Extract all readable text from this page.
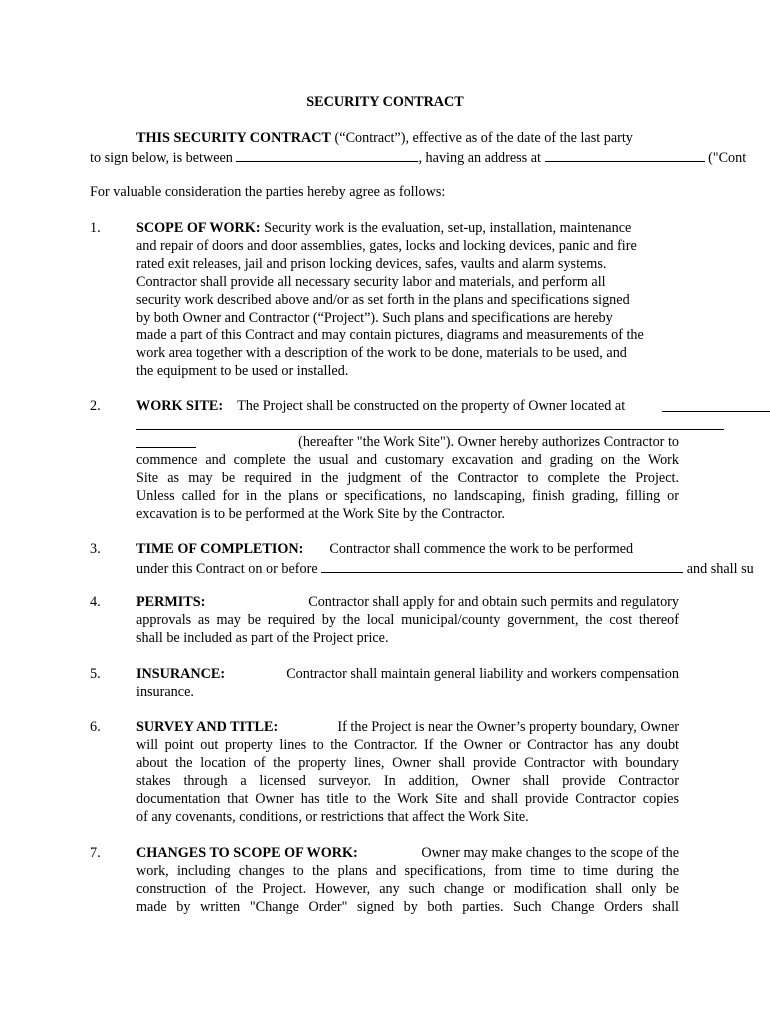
SECURITY CONTRACT
THIS SECURITY CONTRACT (“Contract”), effective as of the date of the last party
to sign below, is between	, having an address at	("Cont
For valuable consideration the parties hereby agree as follows:
1. SCOPE OF WORK: Security work is the evaluation, set-up, installation, maintenance
and repair of doors and door assemblies, gates, locks and locking devices, panic and fire
rated exit releases, jail and prison locking devices, safes, vaults and alarm systems.
Contractor shall provide all necessary security labor and materials, and perform all
security work described above and/or as set forth in the plans and specifications signed
by both Owner and Contractor (“Project”). Such plans and specifications are hereby
made a part of this Contract and may contain pictures, diagrams and measurements of the
work area together with a description of the work to be done, materials to be used, and
the equipment to be used or installed.
2. WORK SITE: The Project shall be constructed on the property of Owner located at
(hereafter "the Work Site"). Owner hereby authorizes Contractor to
commence and complete the usual and customary excavation and grading on the Work
Site as may be required in the judgment of the Contractor to complete the Project.
Unless called for in the plans or specifications, no landscaping, finish grading, filling or
excavation is to be performed at the Work Site by the Contractor.
3. TIME OF COMPLETION: Contractor shall commence the work to be performed
under this Contract on or before	and shall su
4. PERMITS:	Contractor shall apply for and obtain such permits and regulatory
approvals as may be required by the local municipal/county government, the cost thereof
shall be included as part of the Project price.
5. INSURANCE:	Contractor shall maintain general liability and workers compensation
insurance.
6. SURVEY AND TITLE:	If the Project is near the Owner’s property boundary, Owner
will point out property lines to the Contractor. If the Owner or Contractor has any doubt
about the location of the property lines, Owner shall provide Contractor with boundary
stakes through a licensed surveyor. In addition, Owner shall provide Contractor
documentation that Owner has title to the Work Site and shall provide Contractor copies
of any covenants, conditions, or restrictions that affect the Work Site.
7. CHANGES TO SCOPE OF WORK:	Owner may make changes to the scope of the
work, including changes to the plans and specifications, from time to time during the
construction of the Project. However, any such change or modification shall only be
made by written "Change Order" signed by both parties. Such Change Orders shall
